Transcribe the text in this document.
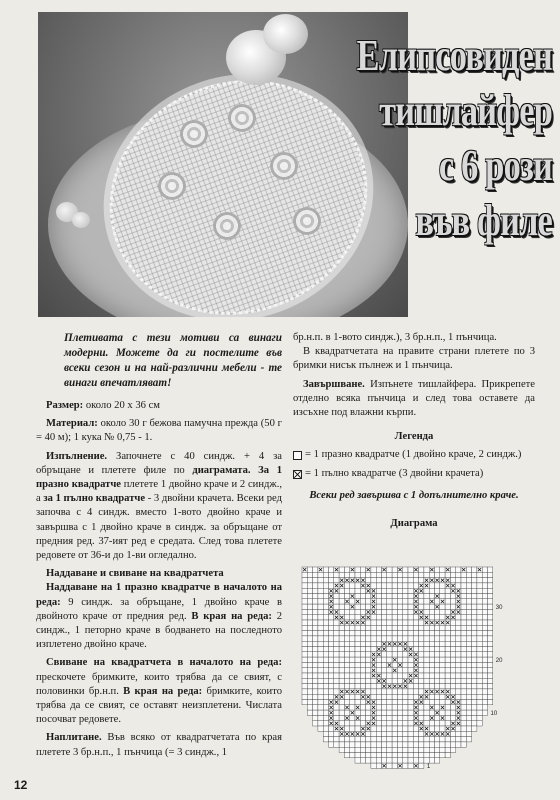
Елипсовиден
тишлайфер
с 6 рози
във филе

Плетивата с тези мотиви са винаги модерни. Можете да ги постелите във всеки сезон и на най-различни мебели - те винаги впечатляват!

Размер: около 20 х 36 см

Материал: около 30 г бежова памучна прежда (50 г = 40 м); 1 кука № 0,75 - 1.

Изпълнение. Започнете с 40 синдж. + 4 за обръщане и плетете филе по диаграмата. За 1 празно квадратче плетете 1 двойно краче и 2 синдж., а за 1 пълно квадратче - 3 двойни крачета. Всеки ред започва с 4 синдж. вместо 1-вото двойно краче и завършва с 1 двойно краче в синдж. за обръщане от предния ред. 37-ият ред е средата. След това плетете редовете от 36-и до 1-ви огледално.

Наддаване и свиване на квадратчета

Наддаване на 1 празно квадратче в началото на реда: 9 синдж. за обръщане, 1 двойно краче в двойното краче от предния ред. В края на реда: 2 синдж., 1 петорно краче в бодването на последното изплетено двойно краче.

Свиване на квадратчета в началото на реда: прескочете бримките, които трябва да се свият, с половинки бр.н.п. В края на реда: бримките, които трябва да се свият, се оставят неизплетени. Числата посочват редовете.

Наплитане. Във всяко от квадратчетата по края плетете 3 бр.н.п., 1 пънчица (= 3 синдж., 1

бр.н.п. в 1-вото синдж.), 3 бр.н.п., 1 пънчица.

В квадратчетата на правите страни плетете по 3 бримки нисък пълнеж и 1 пънчица.

Завършване. Изпънете тишлайфера. Прикрепете отделно всяка пънчица и след това оставете да изсъхне под влажни кърпи.

Легенда

= 1 празно квадратче (1 двойно краче, 2 синдж.)

= 1 пълно квадратче (3 двойни крачета)

Всеки ред завършва с 1 допълнително краче.

Диаграма

30
20
10
1
12
